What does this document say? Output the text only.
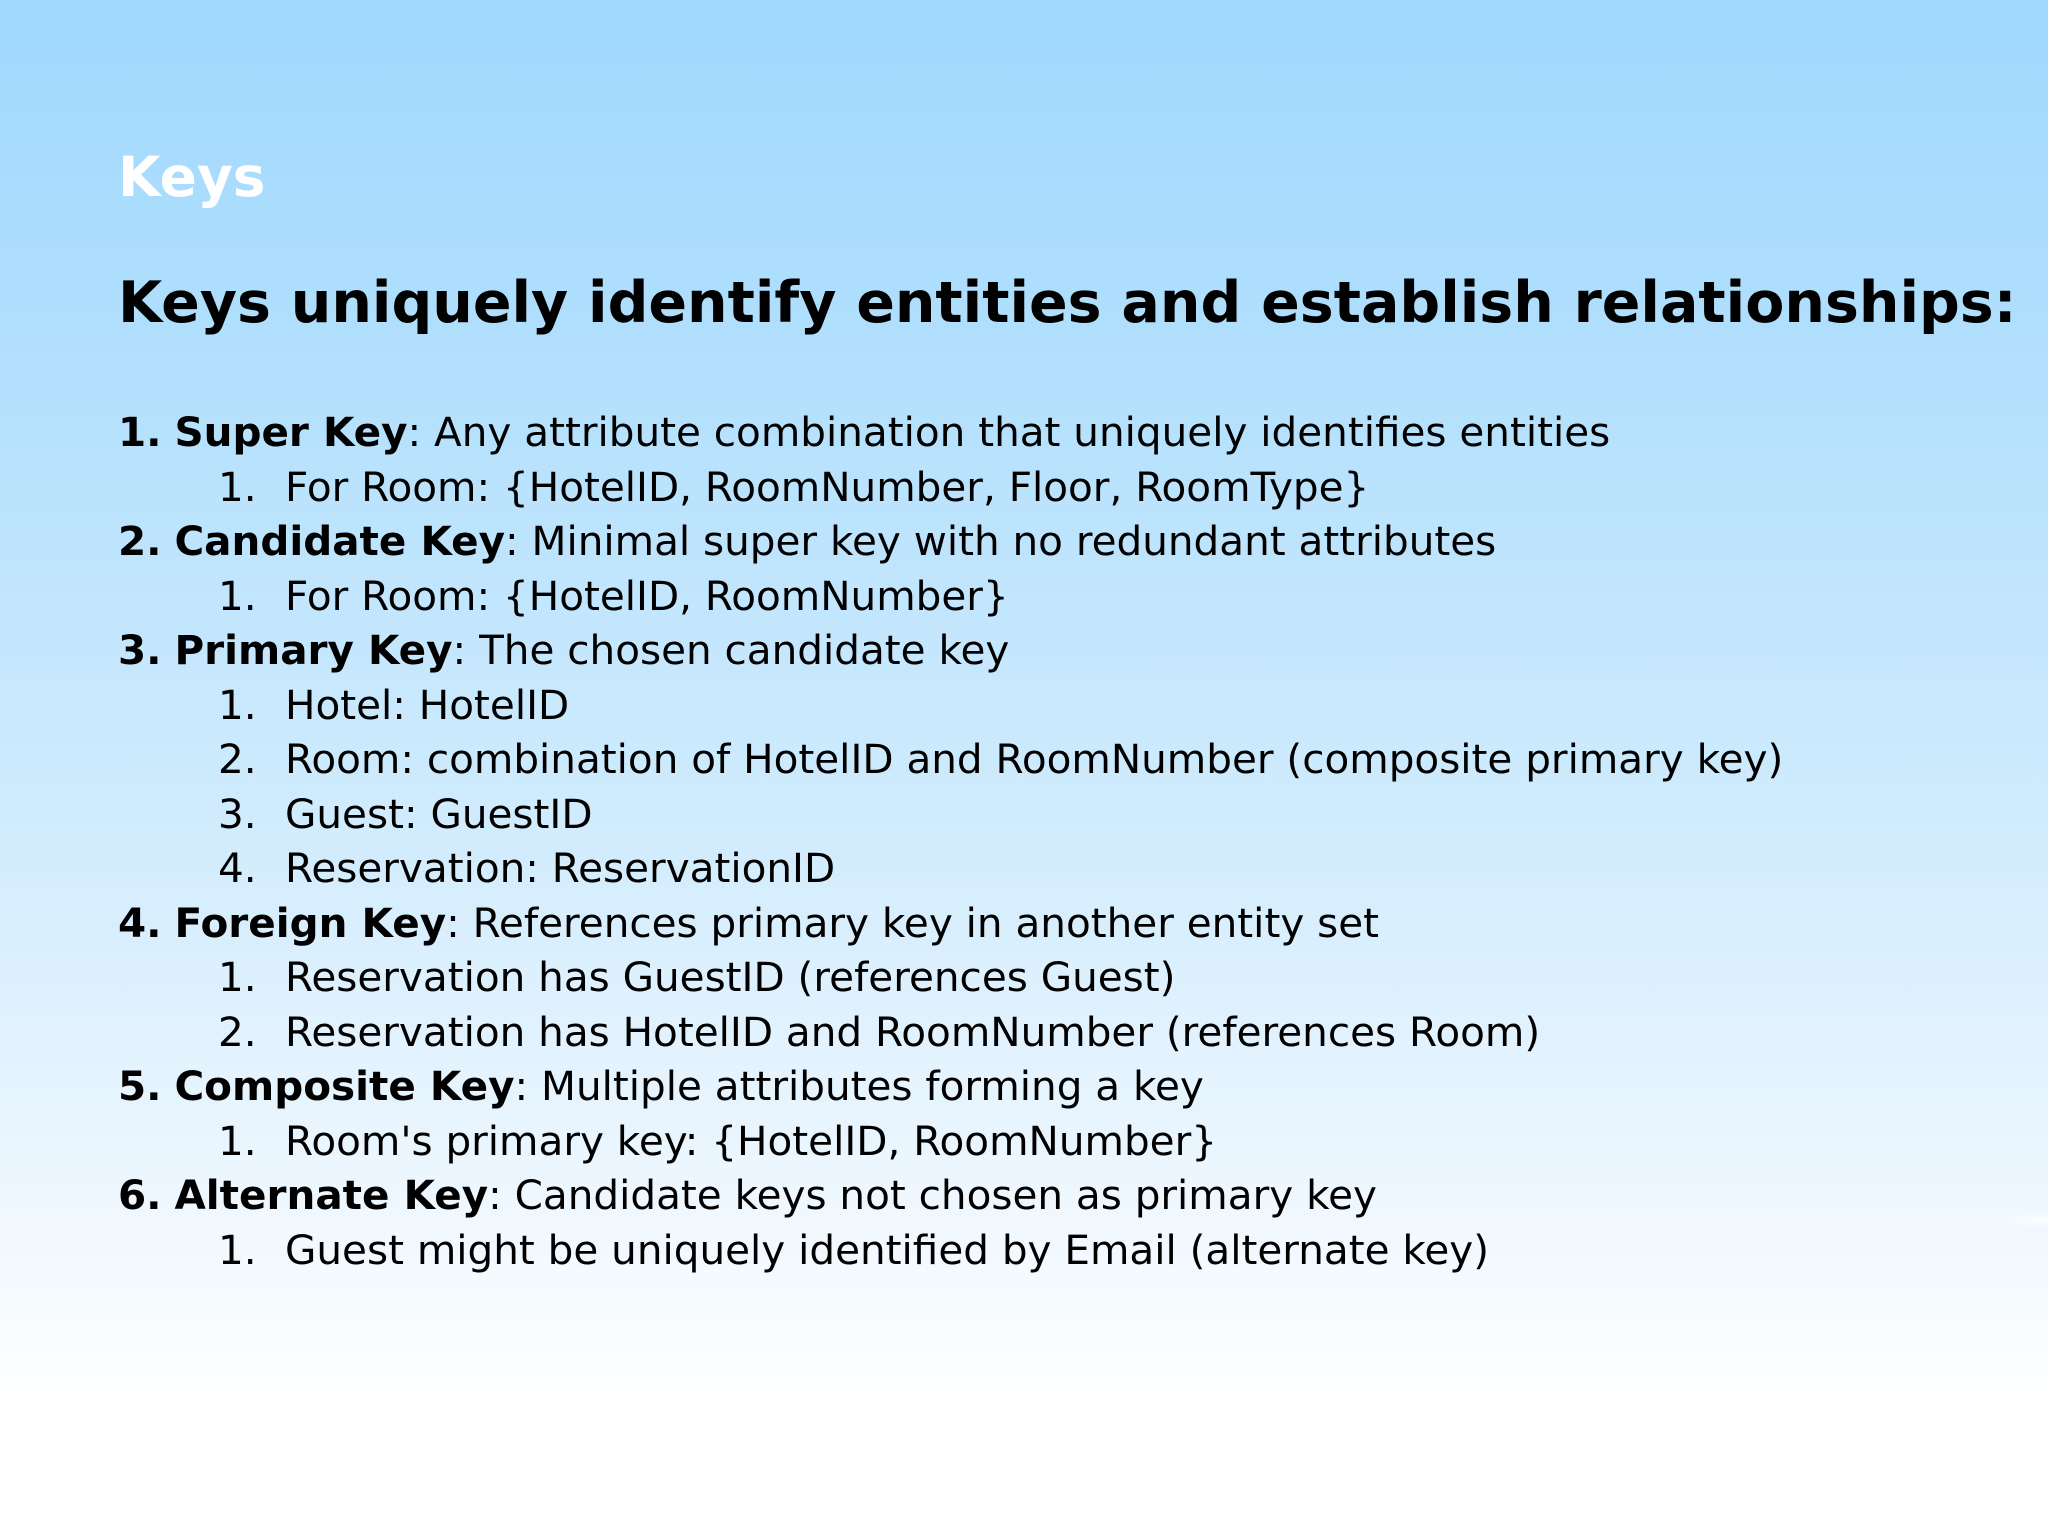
Keys
Keys uniquely identify entities and establish relationships:
1. Super Key: Any attribute combination that uniquely identifies entities
1. For Room: {HotelID, RoomNumber, Floor, RoomType}
2. Candidate Key: Minimal super key with no redundant attributes
1. For Room: {HotelID, RoomNumber}
3. Primary Key: The chosen candidate key
1. Hotel: HotelID
2. Room: combination of HotelID and RoomNumber (composite primary key)
3. Guest: GuestID
4. Reservation: ReservationID
4. Foreign Key: References primary key in another entity set
1. Reservation has GuestID (references Guest)
2. Reservation has HotelID and RoomNumber (references Room)
5. Composite Key: Multiple attributes forming a key
1. Room's primary key: {HotelID, RoomNumber}
6. Alternate Key: Candidate keys not chosen as primary key
1. Guest might be uniquely identified by Email (alternate key)
